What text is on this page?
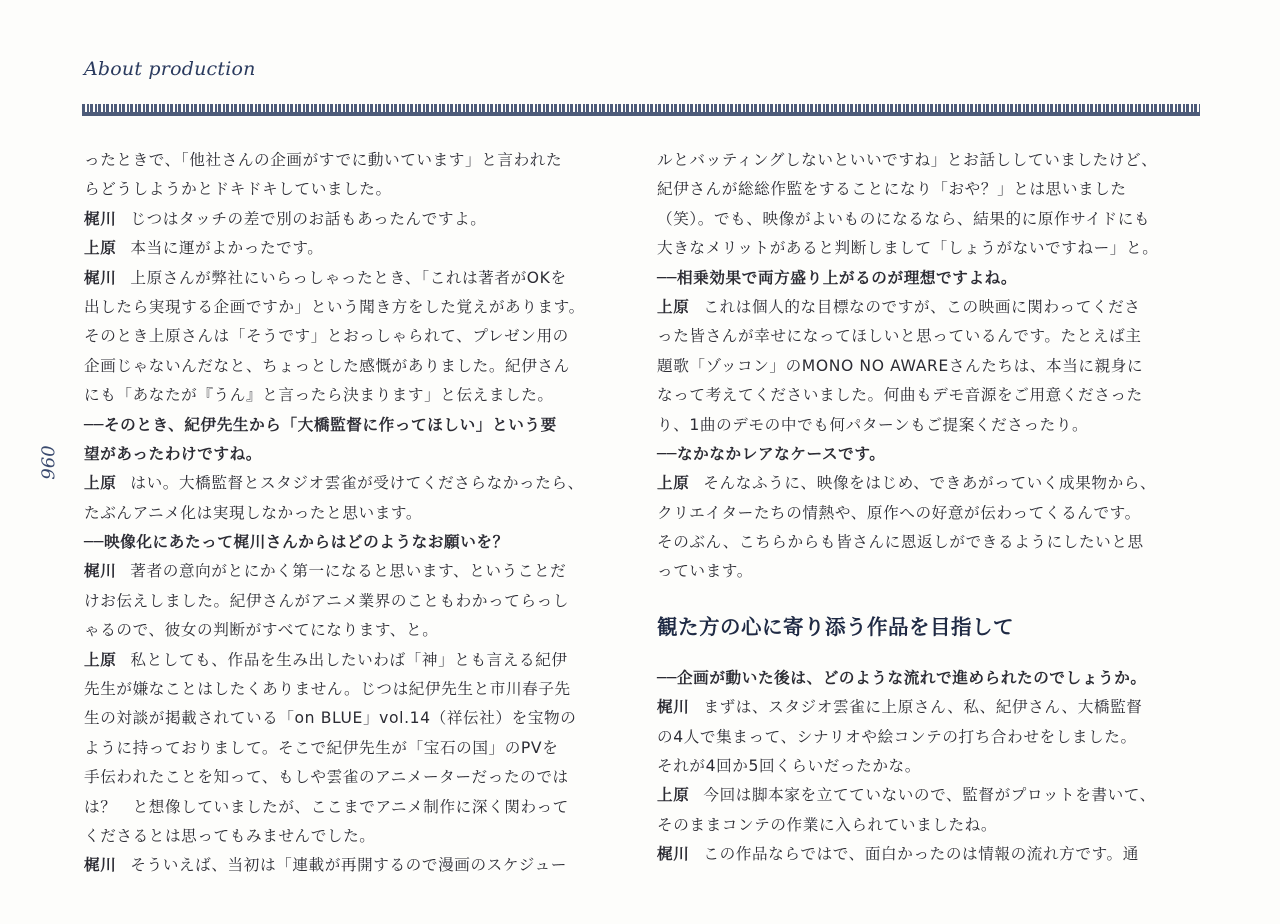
About production
096
ったときで、「他社さんの企画がすでに動いています」と言われた
らどうしようかとドキドキしていました。
梶川 じつはタッチの差で別のお話もあったんですよ。
上原 本当に運がよかったです。
梶川 上原さんが弊社にいらっしゃったとき、「これは著者がOKを
出したら実現する企画ですか」という聞き方をした覚えがあります。
そのとき上原さんは「そうです」とおっしゃられて、プレゼン用の
企画じゃないんだなと、ちょっとした感慨がありました。紀伊さん
にも「あなたが『うん』と言ったら決まります」と伝えました。
──そのとき、紀伊先生から「大橋監督に作ってほしい」という要
望があったわけですね。
上原 はい。大橋監督とスタジオ雲雀が受けてくださらなかったら、
たぶんアニメ化は実現しなかったと思います。
──映像化にあたって梶川さんからはどのようなお願いを？
梶川 著者の意向がとにかく第一になると思います、ということだ
けお伝えしました。紀伊さんがアニメ業界のこともわかってらっし
ゃるので、彼女の判断がすべてになります、と。
上原 私としても、作品を生み出したいわば「神」とも言える紀伊
先生が嫌なことはしたくありません。じつは紀伊先生と市川春子先
生の対談が掲載されている「on BLUE」vol.14（祥伝社）を宝物の
ように持っておりまして。そこで紀伊先生が「宝石の国」のPVを
手伝われたことを知って、もしや雲雀のアニメーターだったのでは
は？　と想像していましたが、ここまでアニメ制作に深く関わって
くださるとは思ってもみませんでした。
梶川 そういえば、当初は「連載が再開するので漫画のスケジュー
ルとバッティングしないといいですね」とお話ししていましたけど、
紀伊さんが総総作監をすることになり「おや？」とは思いました
（笑）。でも、映像がよいものになるなら、結果的に原作サイドにも
大きなメリットがあると判断しまして「しょうがないですねー」と。
──相乗効果で両方盛り上がるのが理想ですよね。
上原 これは個人的な目標なのですが、この映画に関わってくださ
った皆さんが幸せになってほしいと思っているんです。たとえば主
題歌「ゾッコン」のMONO NO AWAREさんたちは、本当に親身に
なって考えてくださいました。何曲もデモ音源をご用意くださった
り、1曲のデモの中でも何パターンもご提案くださったり。
──なかなかレアなケースです。
上原 そんなふうに、映像をはじめ、できあがっていく成果物から、
クリエイターたちの情熱や、原作への好意が伝わってくるんです。
そのぶん、こちらからも皆さんに恩返しができるようにしたいと思
っています。
観た方の心に寄り添う作品を目指して
──企画が動いた後は、どのような流れで進められたのでしょうか。
梶川 まずは、スタジオ雲雀に上原さん、私、紀伊さん、大橋監督
の4人で集まって、シナリオや絵コンテの打ち合わせをしました。
それが4回か5回くらいだったかな。
上原 今回は脚本家を立てていないので、監督がプロットを書いて、
そのままコンテの作業に入られていましたね。
梶川 この作品ならではで、面白かったのは情報の流れ方です。通
